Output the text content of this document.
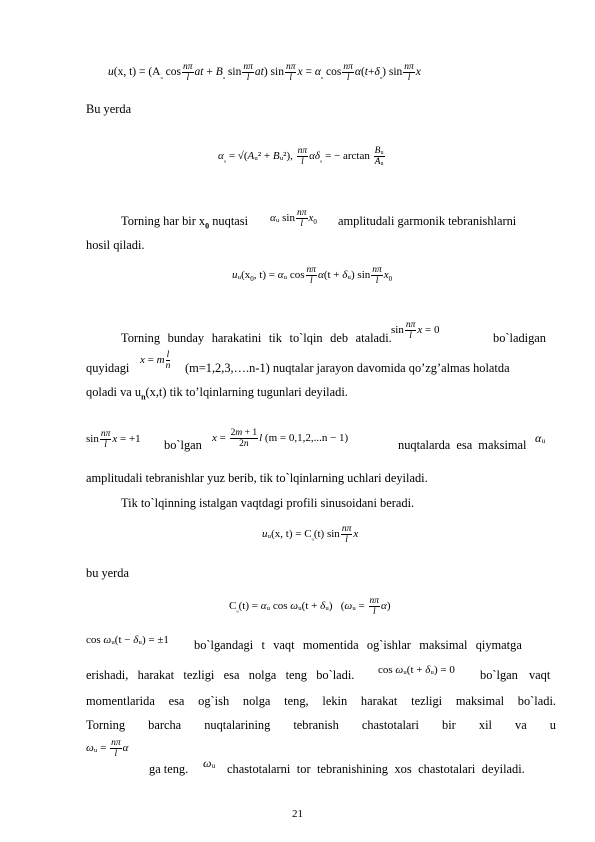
u(x, $t) = (A_ᵤ$ $\cos \frac{n\pi}{l}$ at + $B_ᵤ$ $\sin \frac{n\pi}{l} at$) $\sin \frac{n\pi}{l}$ $x = \alpha_ᵤ$ $\cos \frac{n\pi}{l} \alpha(t+\delta_ᵤ)$ $\sin \frac{n\pi}{l}$ x
Bu yerda
$\alpha_ᵤ$ = √(Aᵤ² + Bᵤ²), $\frac{n\pi}{l} \alpha\delta_ᵤ$ = − $\arctan \frac{\text{Bᵤ}}{\text{Aᵤ}}$
Torning har bir $x_0$ nuqtasi αᵤ $\sin \frac{n\pi}{l} x_0$ amplitudali garmonik tebranishlarni
hosil qiladi.
$uᵤ(x_0$, t) = αᵤ $\cos \frac{n\pi}{l} \alpha(t$ + δᵤ) $\sin \frac{n\pi}{l} x_0$
Torning bunday harakatini tik to`lqin deb ataladi.
$\sin \frac{n\pi}{l}$ x = 0
bo`ladigan
quyidagi
x = m $\frac{l}{n}$ (m=1,2,3,….n-1) nuqtalar jarayon davomida qo’zg’almas holatda
qoladi va $u_n(x,t)$ tik to’lqinlarning tugunlari deyiladi.
$\sin \frac{n\pi}{l}$ x = +1 bo`lgan $x = \frac{2m + 1}{2n}$ l (m = 0,1,2,...n − 1)	nuqtalarda esa maksimal αᵤ
amplitudali tebranishlar yuz berib, tik to`lqinlarning uchlari deyiladi.
Tik to`lqinning istalgan vaqtdagi profili sinusoidani beradi.
uᵤ(x, $t) = C_ᵤ(t)$ $\sin \frac{n\pi}{l}$ x
bu yerda
$C_ᵤ(t)$ = αᵤ cos ωᵤ(t + δᵤ)   (ωᵤ = $\frac{n\pi}{l} \alpha$)
cos ωᵤ(t − δᵤ) = ±1 bo`lgandagi t vaqt momentida og`ishlar maksimal qiymatga
erishadi, harakat tezligi esa nolga teng bo`ladi. cos ωᵤ(t + δᵤ) = 0 bo`lgan vaqt
momentlarida esa og`ish nolga teng, lekin harakat tezligi maksimal bo`ladi.
Torning barcha nuqtalarining tebranish chastotalari bir xil va u
ωᵤ = $\frac{n\pi}{l}$ α
ga teng. ωᵤ chastotalarni tor tebranishining xos chastotalari deyiladi.
21
